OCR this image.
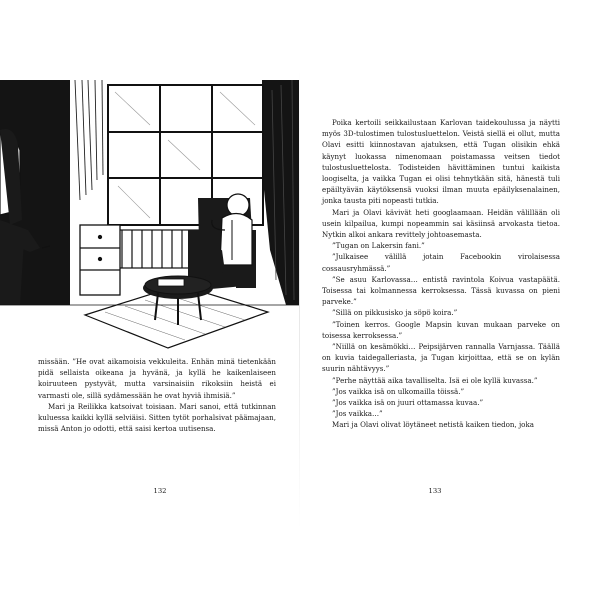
missään. ”He ovat aikamoisia vekkuleita. Enhän minä tietenkään pidä sellaista oikeana ja hyvänä, ja kyllä he kaikenlaiseen koiruuteen pystyvät, mutta varsinaisiin rikoksiin heistä ei varmasti ole, sillä sydämessään he ovat hyviä ihmisiä.”

Mari ja Reilikka katsoivat toisiaan. Mari sanoi, että tutkinnan kuluessa kaikki kyllä selviäisi. Sitten tytöt porhalsivat päämajaan, missä Anton jo odotti, että saisi kertoa uutisensa.

132

Poika kertoili seikkailustaan Karlovan taidekoulussa ja näytti myös 3D-tulostimen tulostusluettelon. Veistä siellä ei ollut, mutta Olavi esitti kiinnostavan ajatuksen, että Tugan olisikin ehkä käynyt luokassa nimenomaan poistamassa veitsen tiedot tulostusluettelosta. Todisteiden hävittäminen tuntui kaikista loogiselta, ja vaikka Tugan ei olisi tehnytkään sitä, hänestä tuli epäiltyävän käytöksensä vuoksi ilman muuta epäilyksenalainen, jonka tausta piti nopeasti tutkia.

Mari ja Olavi kävivät heti googlaamaan. Heidän välillään oli usein kilpailua, kumpi nopeammin sai käsiinsä arvokasta tietoa. Nytkin alkoi ankara revittely johtoasemasta.

”Tugan on Lakersin fani.”

”Julkaisee välillä jotain Facebookin virolaisessa cossausryhmässä.”

”Se asuu Karlovassa… entistä ravintola Koivua vastapäätä. Toisessa tai kolmannessa kerroksessa. Tässä kuvassa on pieni parveke.”

”Sillä on pikkusisko ja söpö koira.”

”Toinen kerros. Google Mapsin kuvan mukaan parveke on toisessa kerroksessa.”

”Niillä on kesämökki… Peipsijärven rannalla Varnjassa. Täällä on kuvia taidegalleriasta, ja Tugan kirjoittaa, että se on kylän suurin nähtävyys.”

”Perhe näyttää aika tavalliselta. Isä ei ole kyllä kuvassa.”

”Jos vaikka isä on ulkomailla töissä.”

”Jos vaikka isä on juuri ottamassa kuvaa.”

”Jos vaikka…”

Mari ja Olavi olivat löytäneet netistä kaiken tiedon, joka

133
